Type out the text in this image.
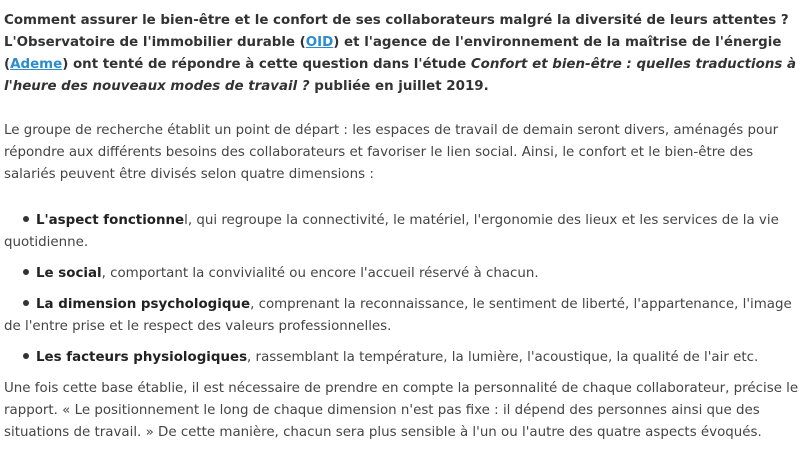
Comment assurer le bien-être et le confort de ses collaborateurs malgré la diversité de leurs attentes ?
L'Observatoire de l'immobilier durable (OID) et l'agence de l'environnement de la maîtrise de l'énergie (Ademe) ont tenté de répondre à cette question dans l'étude Confort et bien-être : quelles traductions à l'heure des nouveaux modes de travail ? publiée en juillet 2019.

Le groupe de recherche établit un point de départ : les espaces de travail de demain seront divers, aménagés pour répondre aux différents besoins des collaborateurs et favoriser le lien social. Ainsi, le confort et le bien-être des salariés peuvent être divisés selon quatre dimensions :

L'aspect fonctionnel, qui regroupe la connectivité, le matériel, l'ergonomie des lieux et les services de la vie quotidienne.
Le social, comportant la convivialité ou encore l'accueil réservé à chacun.
La dimension psychologique, comprenant la reconnaissance, le sentiment de liberté, l'appartenance, l'image de l'entre prise et le respect des valeurs professionnelles.
Les facteurs physiologiques, rassemblant la température, la lumière, l'acoustique, la qualité de l'air etc.

Une fois cette base établie, il est nécessaire de prendre en compte la personnalité de chaque collaborateur, précise le rapport. « Le positionnement le long de chaque dimension n'est pas fixe : il dépend des personnes ainsi que des situations de travail. » De cette manière, chacun sera plus sensible à l'un ou l'autre des quatre aspects évoqués.
